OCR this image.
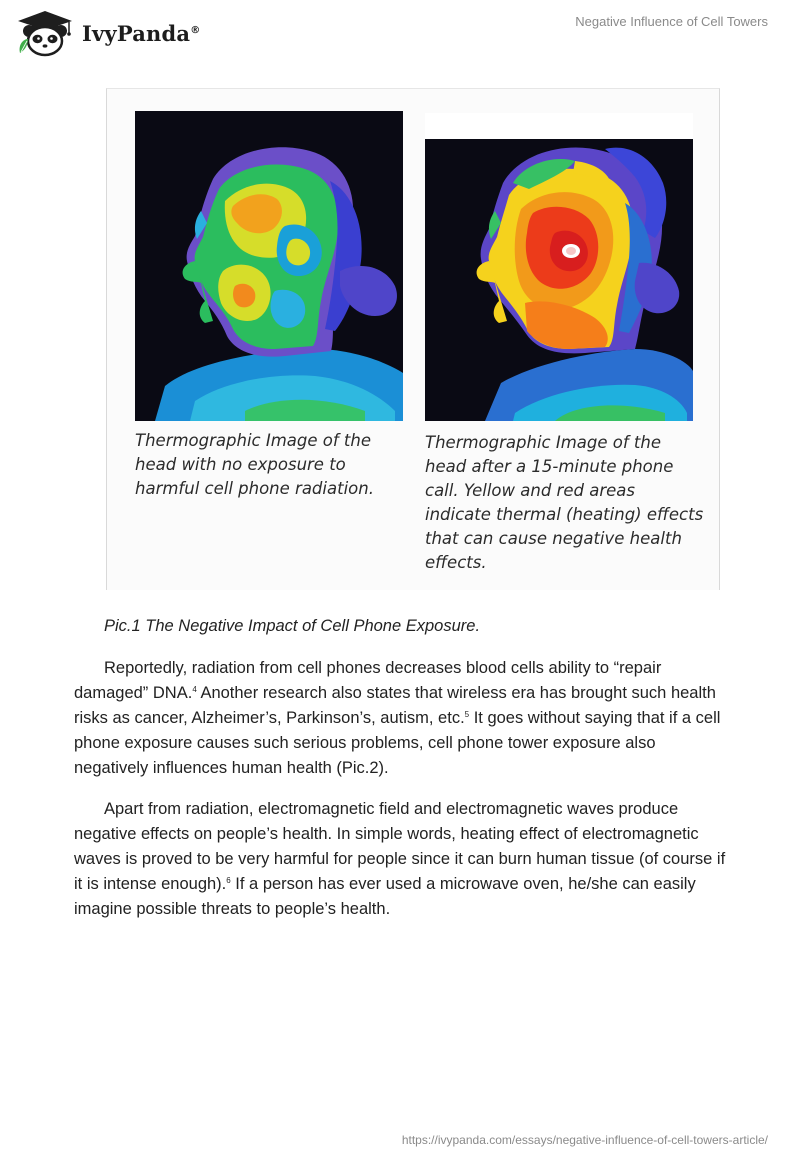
IvyPanda®
Negative Influence of Cell Towers
Thermographic Image of the head with no exposure to harmful cell phone radiation.
Thermographic Image of the head after a 15-minute phone call. Yellow and red areas indicate thermal (heating) effects that can cause negative health effects.
Pic.1 The Negative Impact of Cell Phone Exposure.

Reportedly, radiation from cell phones decreases blood cells ability to “repair damaged” DNA.$^4$ Another research also states that wireless era has brought such health risks as cancer, Alzheimer’s, Parkinson’s, autism, etc.$^5$ It goes without saying that if a cell phone exposure causes such serious problems, cell phone tower exposure also negatively influences human health (Pic.2).

Apart from radiation, electromagnetic field and electromagnetic waves produce negative effects on people’s health. In simple words, heating effect of electromagnetic waves is proved to be very harmful for people since it can burn human tissue (of course if it is intense enough).$^6$ If a person has ever used a microwave oven, he/she can easily imagine possible threats to people’s health.

https://ivypanda.com/essays/negative-influence-of-cell-towers-article/
